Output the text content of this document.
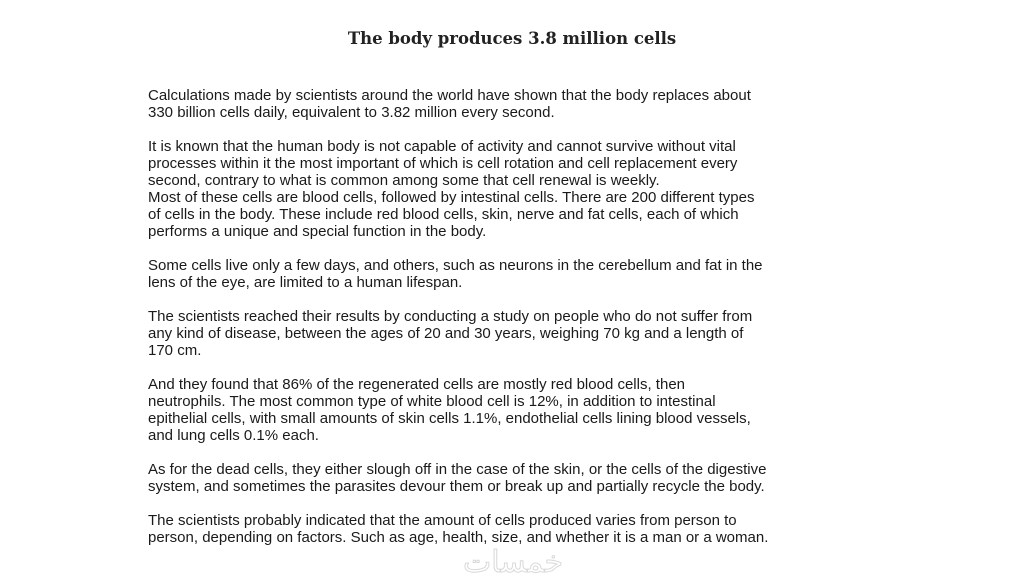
The body produces 3.8 million cells

Calculations made by scientists around the world have shown that the body replaces about
330 billion cells daily, equivalent to 3.82 million every second.

It is known that the human body is not capable of activity and cannot survive without vital
processes within it the most important of which is cell rotation and cell replacement every
second, contrary to what is common among some that cell renewal is weekly.

Most of these cells are blood cells, followed by intestinal cells. There are 200 different types
of cells in the body. These include red blood cells, skin, nerve and fat cells, each of which
performs a unique and special function in the body.

Some cells live only a few days, and others, such as neurons in the cerebellum and fat in the
lens of the eye, are limited to a human lifespan.

The scientists reached their results by conducting a study on people who do not suffer from
any kind of disease, between the ages of 20 and 30 years, weighing 70 kg and a length of
170 cm.

And they found that 86% of the regenerated cells are mostly red blood cells, then
neutrophils. The most common type of white blood cell is 12%, in addition to intestinal
epithelial cells, with small amounts of skin cells 1.1%, endothelial cells lining blood vessels,
and lung cells 0.1% each.

As for the dead cells, they either slough off in the case of the skin, or the cells of the digestive
system, and sometimes the parasites devour them or break up and partially recycle the body.

The scientists probably indicated that the amount of cells produced varies from person to
person, depending on factors. Such as age, health, size, and whether it is a man or a woman.

خمسات
